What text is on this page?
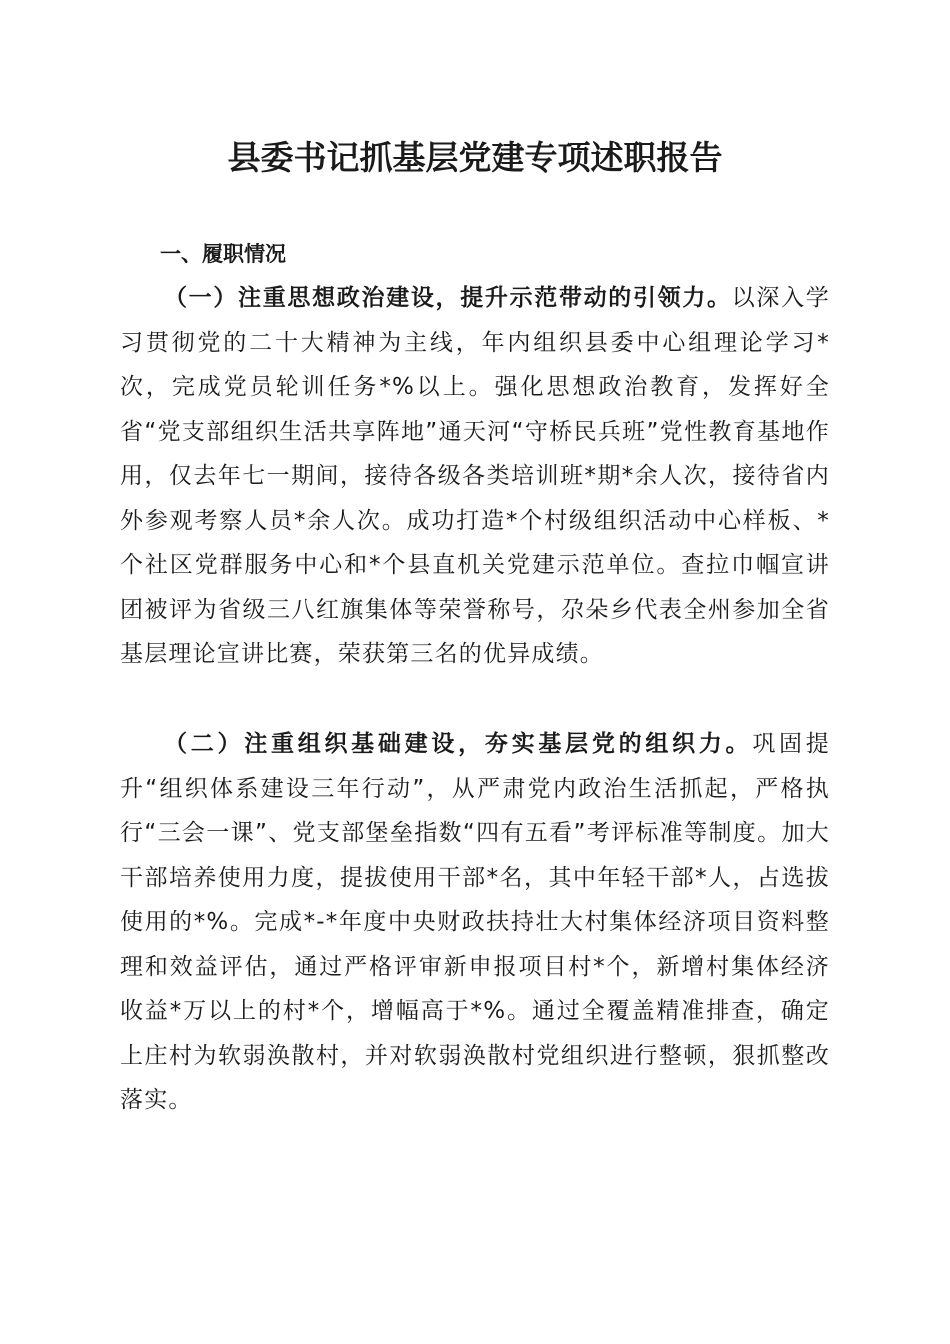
县委书记抓基层党建专项述职报告
一、履职情况

（一）注重思想政治建设，提升示范带动的引领力。以深入学习贯彻党的二十大精神为主线，年内组织县委中心组理论学习*次，完成党员轮训任务*%以上。强化思想政治教育，发挥好全省“党支部组织生活共享阵地”通天河“守桥民兵班”党性教育基地作用，仅去年七一期间，接待各级各类培训班*期*余人次，接待省内外参观考察人员*余人次。成功打造*个村级组织活动中心样板、*个社区党群服务中心和*个县直机关党建示范单位。查拉巾帼宣讲团被评为省级三八红旗集体等荣誉称号，尕朵乡代表全州参加全省基层理论宣讲比赛，荣获第三名的优异成绩。

（二）注重组织基础建设，夯实基层党的组织力。巩固提升“组织体系建设三年行动”，从严肃党内政治生活抓起，严格执行“三会一课”、党支部堡垒指数“四有五看”考评标准等制度。加大干部培养使用力度，提拔使用干部*名，其中年轻干部*人，占选拔使用的*%。完成*-*年度中央财政扶持壮大村集体经济项目资料整理和效益评估，通过严格评审新申报项目村*个，新增村集体经济收益*万以上的村*个，增幅高于*%。通过全覆盖精准排查，确定上庄村为软弱涣散村，并对软弱涣散村党组织进行整顿，狠抓整改落实。
